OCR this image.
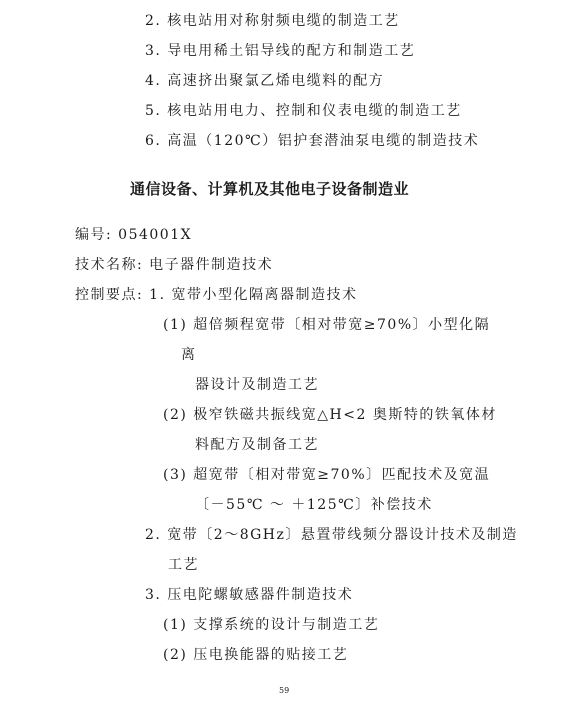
2. 核电站用对称射频电缆的制造工艺
3. 导电用稀土铝导线的配方和制造工艺
4. 高速挤出聚氯乙烯电缆料的配方
5. 核电站用电力、控制和仪表电缆的制造工艺
6. 高温（120℃）铝护套潜油泵电缆的制造技术
通信设备、计算机及其他电子设备制造业
编号: 054001X
技术名称: 电子器件制造技术
控制要点: 1. 宽带小型化隔离器制造技术
(1) 超倍频程宽带〔相对带宽≥70%〕小型化隔
离
器设计及制造工艺
(2) 极窄铁磁共振线宽△H<2 奥斯特的铁氧体材
料配方及制备工艺
(3) 超宽带〔相对带宽≥70%〕匹配技术及宽温
〔－55℃ ～ ＋125℃〕补偿技术
2. 宽带〔2～8GHz〕悬置带线频分器设计技术及制造
工艺
3. 压电陀螺敏感器件制造技术
(1) 支撑系统的设计与制造工艺
(2) 压电换能器的贴接工艺
59
